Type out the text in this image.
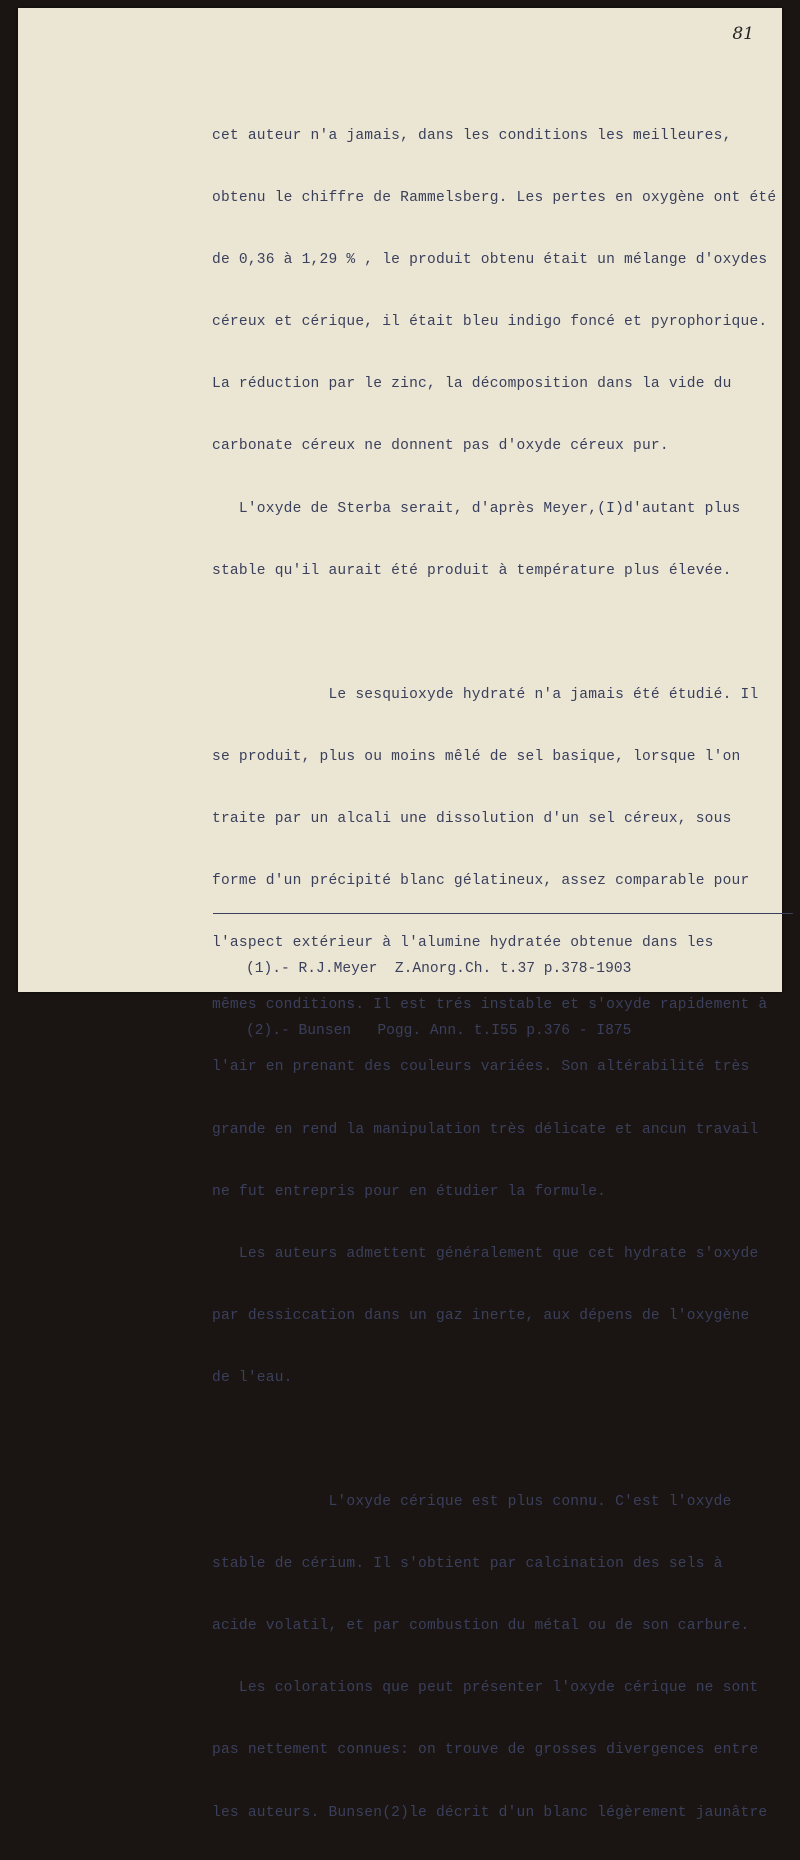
81

cet auteur n'a jamais, dans les conditions les meilleures,

obtenu le chiffre de Rammelsberg. Les pertes en oxygène ont été

de 0,36 à 1,29 % , le produit obtenu était un mélange d'oxydes

céreux et cérique, il était bleu indigo foncé et pyrophorique.

La réduction par le zinc, la décomposition dans la vide du

carbonate céreux ne donnent pas d'oxyde céreux pur.

L'oxyde de Sterba serait, d'après Meyer,(I)d'autant plus

stable qu'il aurait été produit à température plus élevée.

Le sesquioxyde hydraté n'a jamais été étudié. Il

se produit, plus ou moins mêlé de sel basique, lorsque l'on

traite par un alcali une dissolution d'un sel céreux, sous

forme d'un précipité blanc gélatineux, assez comparable pour

l'aspect extérieur à l'alumine hydratée obtenue dans les

mêmes conditions. Il est trés instable et s'oxyde rapidement à

l'air en prenant des couleurs variées. Son altérabilité très

grande en rend la manipulation très délicate et ancun travail

ne fut entrepris pour en étudier la formule.

Les auteurs admettent généralement que cet hydrate s'oxyde

par dessiccation dans un gaz inerte, aux dépens de l'oxygène

de l'eau.

L'oxyde cérique est plus connu. C'est l'oxyde

stable de cérium. Il s'obtient par calcination des sels à

acide volatil, et par combustion du métal ou de son carbure.

Les colorations que peut présenter l'oxyde cérique ne sont

pas nettement connues: on trouve de grosses divergences entre

les auteurs. Bunsen(2)le décrit d'un blanc légèrement jaunâtre

(1).- R.J.Meyer  Z.Anorg.Ch. t.37 p.378-1903

(2).- Bunsen   Pogg. Ann. t.I55 p.376 - I875
